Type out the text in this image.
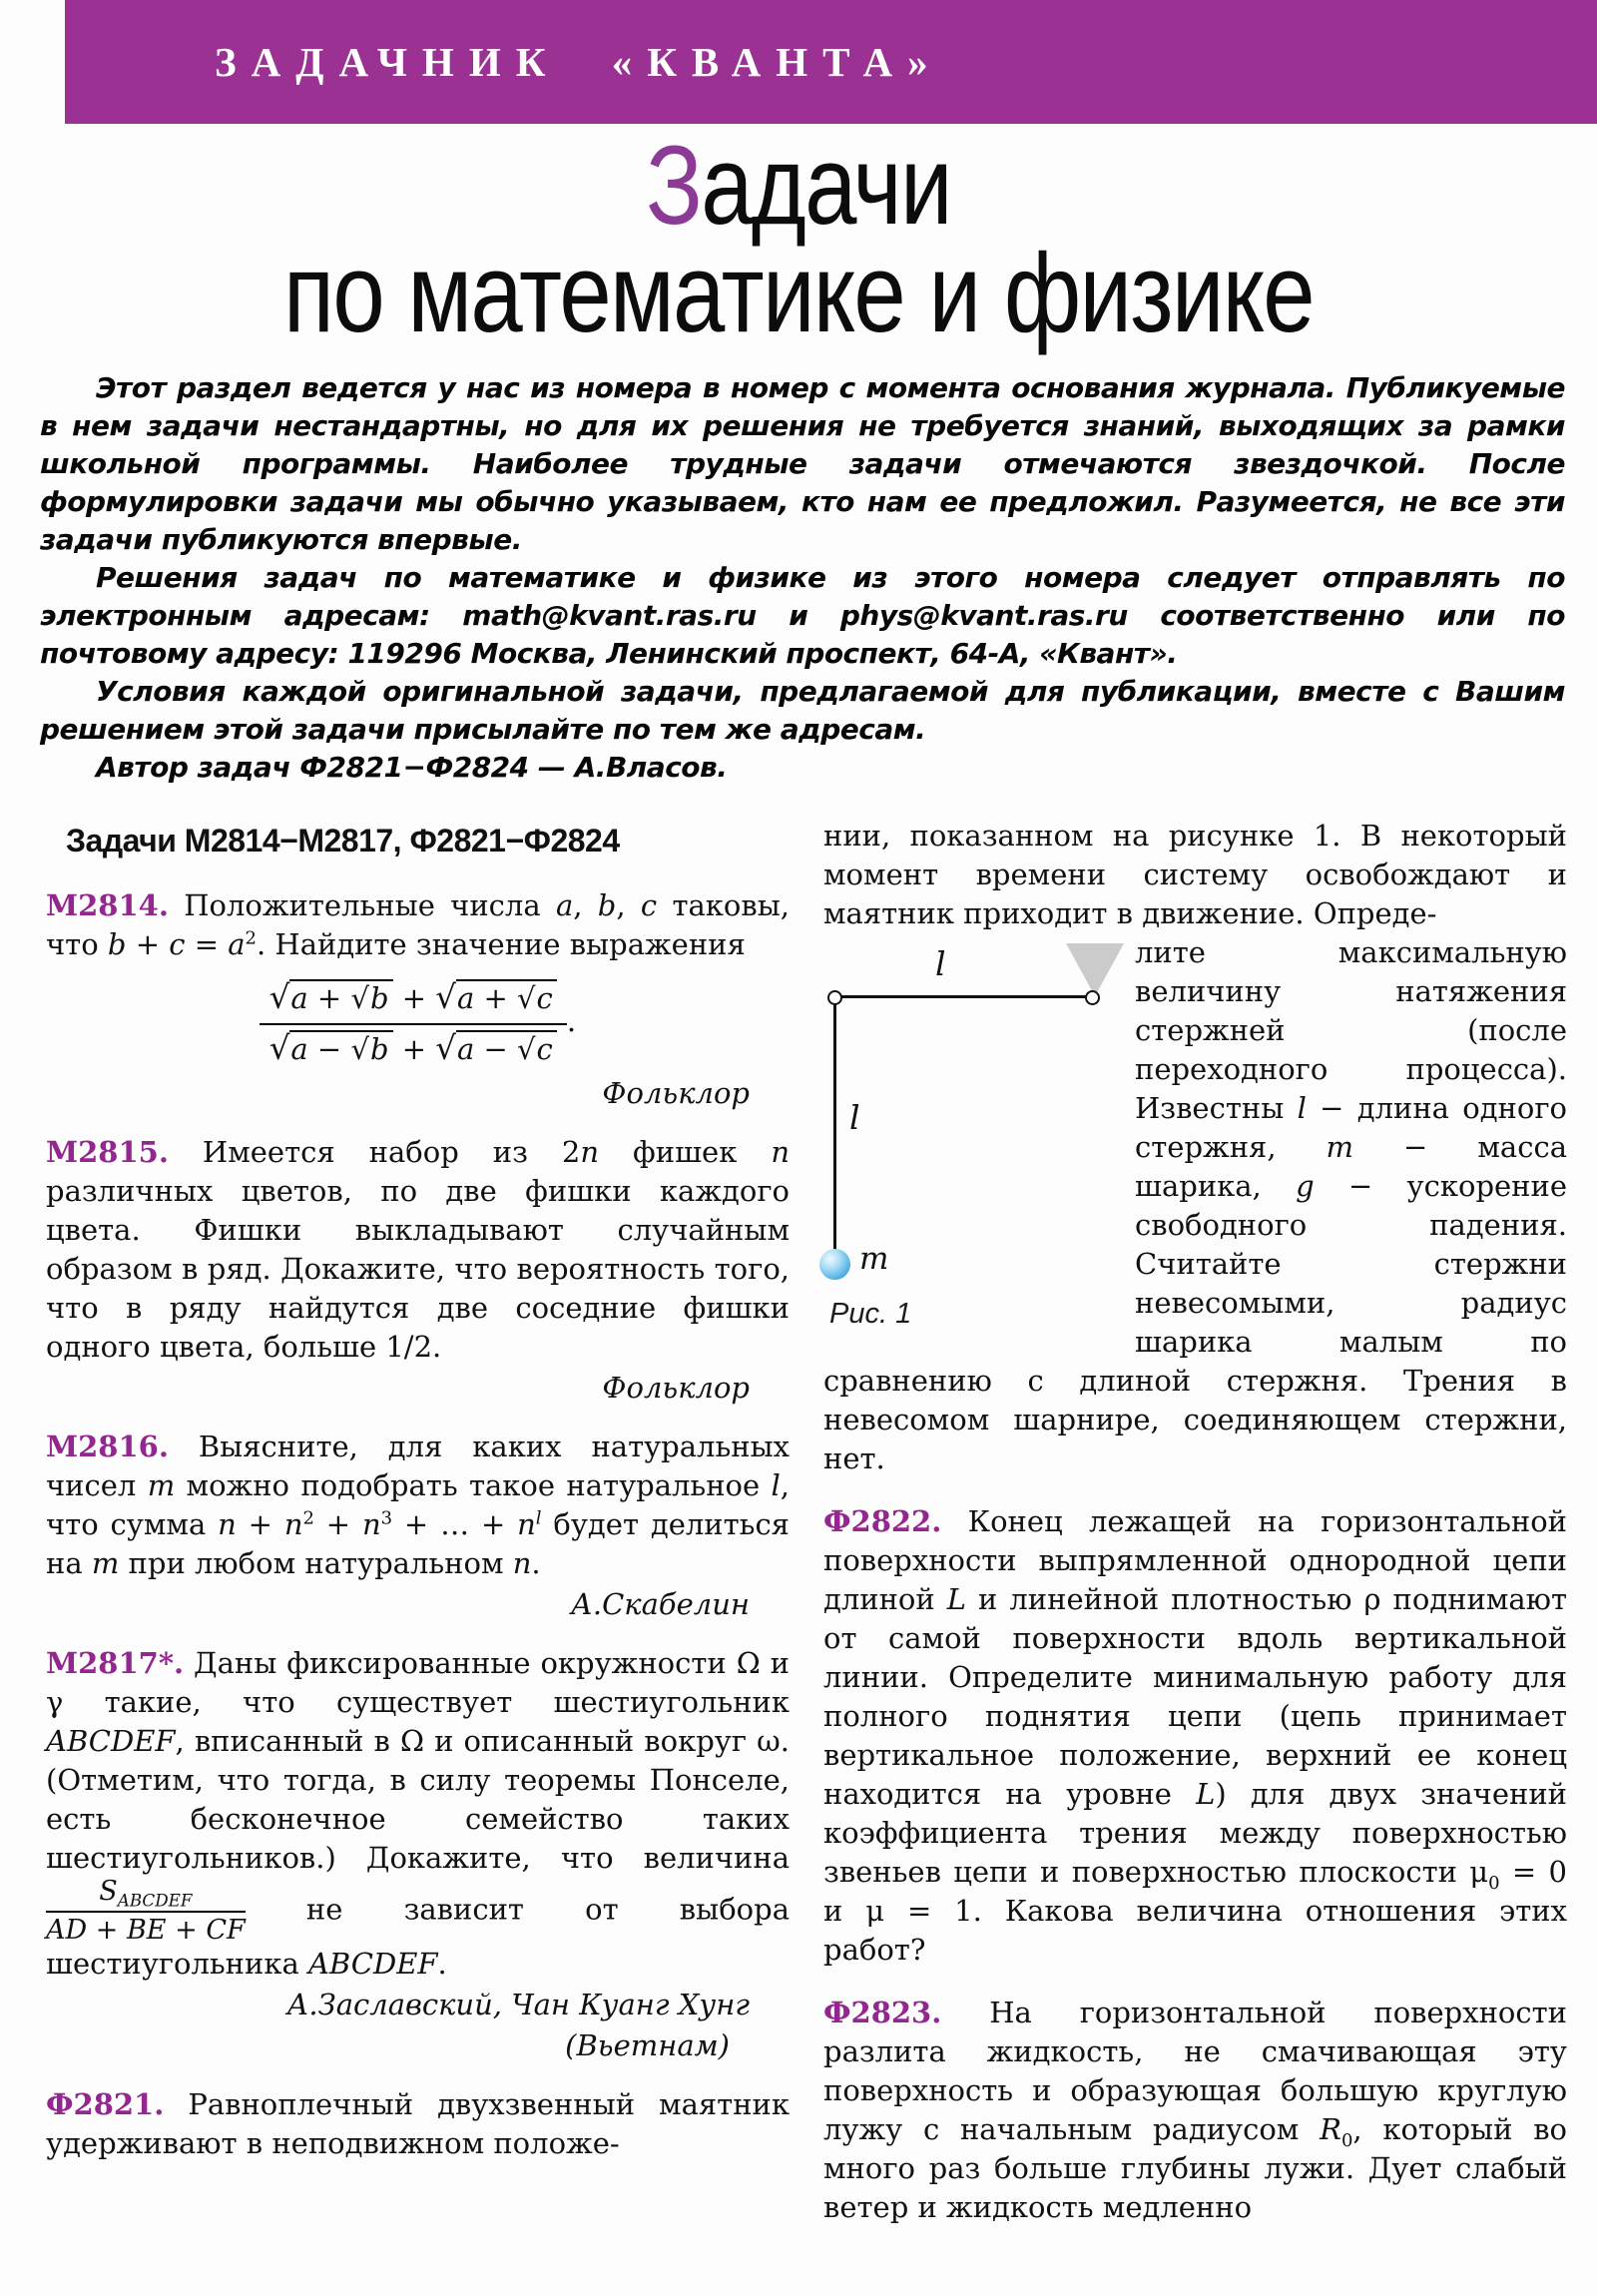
ЗАДАЧНИК «КВАНТА»
Задачи
по математике и физике

Этот раздел ведется у нас из номера в номер с момента основания журнала. Публикуемые в нем задачи нестандартны, но для их решения не требуется знаний, выходящих за рамки школьной программы. Наиболее трудные задачи отмечаются звездочкой. После формулировки задачи мы обычно указываем, кто нам ее предложил. Разумеется, не все эти задачи публикуются впервые.

Решения задач по математике и физике из этого номера следует отправлять по электронным адресам: math@kvant.ras.ru и phys@kvant.ras.ru соответственно или по почтовому адресу: 119296 Москва, Ленинский проспект, 64-А, «Квант».

Условия каждой оригинальной задачи, предлагаемой для публикации, вместе с Вашим решением этой задачи присылайте по тем же адресам.

Автор задач Ф2821−Ф2824 — А.Власов.

Задачи М2814−М2817, Ф2821−Ф2824
М2814. Положительные числа a, b, c таковы, что $b + c = a^2$. Найдите значение выражения
$\frac{√a + √b + √a + √c}{√a - √b + √a - √c}$ .
Фольклор
М2815. Имеется набор из 2n фишек n различных цветов, по две фишки каждого цвета. Фишки выкладывают случайным образом в ряд. Докажите, что вероятность того, что в ряду найдутся две соседние фишки одного цвета, больше 1/2.
Фольклор
М2816. Выясните, для каких натуральных чисел m можно подобрать такое натуральное l, что сумма $n + n^2 + n^3$ + … + $n^l$ будет делиться на m при любом натуральном n.
А.Скабелин
М2817*. Даны фиксированные окружности Ω и γ такие, что существует шестиугольник ABCDEF, вписанный в Ω и описанный вокруг ω. (Отметим, что тогда, в силу теоремы Понселе, есть бесконечное семейство таких шестиугольников.) Докажите, что величина
$\frac{S_{ABCDEF}}{AD + BE + CF}$ не зависит от выбора шестиугольника ABCDEF.
А.Заславский, Чан Куанг Хунг
(Вьетнам)
Ф2821. Равноплечный двухзвенный маятник удерживают в неподвижном положе-

нии, показанном на рисунке 1. В некоторый момент времени систему освобождают и маятник приходит в движение. Опреде-

l
l
m
Рис. 1
лите максимальную величину натяжения стержней (после переходного процесса). Известны l − длина одного стержня, m − масса шарика, g − ускорение свободного падения. Считайте стержни невесомыми, радиус шарика малым по сравнению с длиной стержня. Трения в невесомом шарнире, соединяющем стержни, нет.
Ф2822. Конец лежащей на горизонтальной поверхности выпрямленной однородной цепи длиной L и линейной плотностью ρ поднимают от самой поверхности вдоль вертикальной линии. Определите минимальную работу для полного поднятия цепи (цепь принимает вертикальное положение, верхний ее конец находится на уровне L) для двух значений коэффициента трения между поверхностью звеньев цепи и поверхностью плоскости $\mu_0 = 0$ и μ = 1. Какова величина отношения этих работ?
Ф2823. На горизонтальной поверхности разлита жидкость, не смачивающая эту поверхность и образующая большую круглую лужу с начальным радиусом $R_0$, который во много раз больше глубины лужи. Дует слабый ветер и жидкость медленно
